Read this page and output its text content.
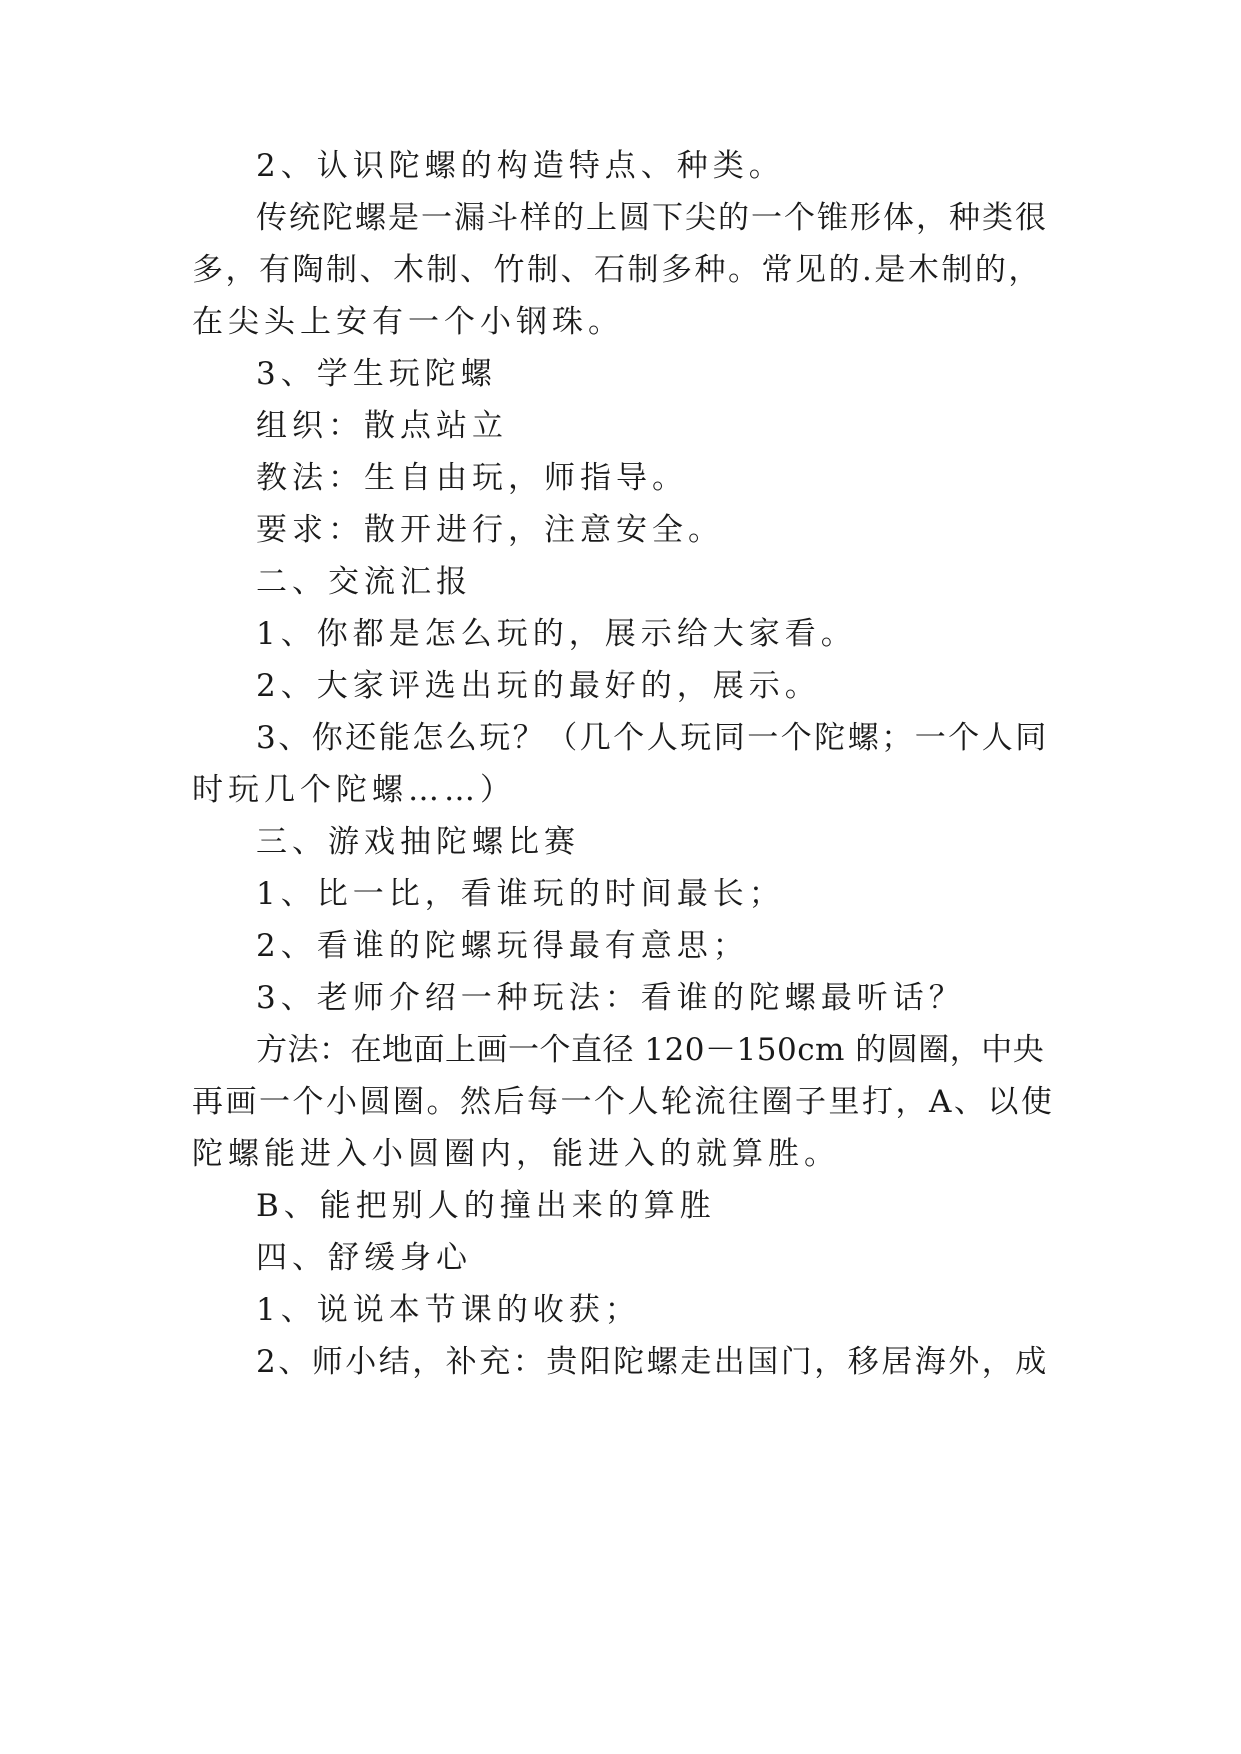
2、认识陀螺的构造特点、种类。
传统陀螺是一漏斗样的上圆下尖的一个锥形体，种类很
多，有陶制、木制、竹制、石制多种。常见的.是木制的，
在尖头上安有一个小钢珠。
3、学生玩陀螺
组织：散点站立
教法：生自由玩，师指导。
要求：散开进行，注意安全。
二、交流汇报
1、你都是怎么玩的，展示给大家看。
2、大家评选出玩的最好的，展示。
3、你还能怎么玩？（几个人玩同一个陀螺；一个人同
时玩几个陀螺……）
三、游戏抽陀螺比赛
1、比一比，看谁玩的时间最长；
2、看谁的陀螺玩得最有意思；
3、老师介绍一种玩法：看谁的陀螺最听话？
方法：在地面上画一个直径 120－150cm 的圆圈，中央
再画一个小圆圈。然后每一个人轮流往圈子里打，A、以使
陀螺能进入小圆圈内，能进入的就算胜。
B、能把别人的撞出来的算胜
四、舒缓身心
1、说说本节课的收获；
2、师小结，补充：贵阳陀螺走出国门，移居海外，成
